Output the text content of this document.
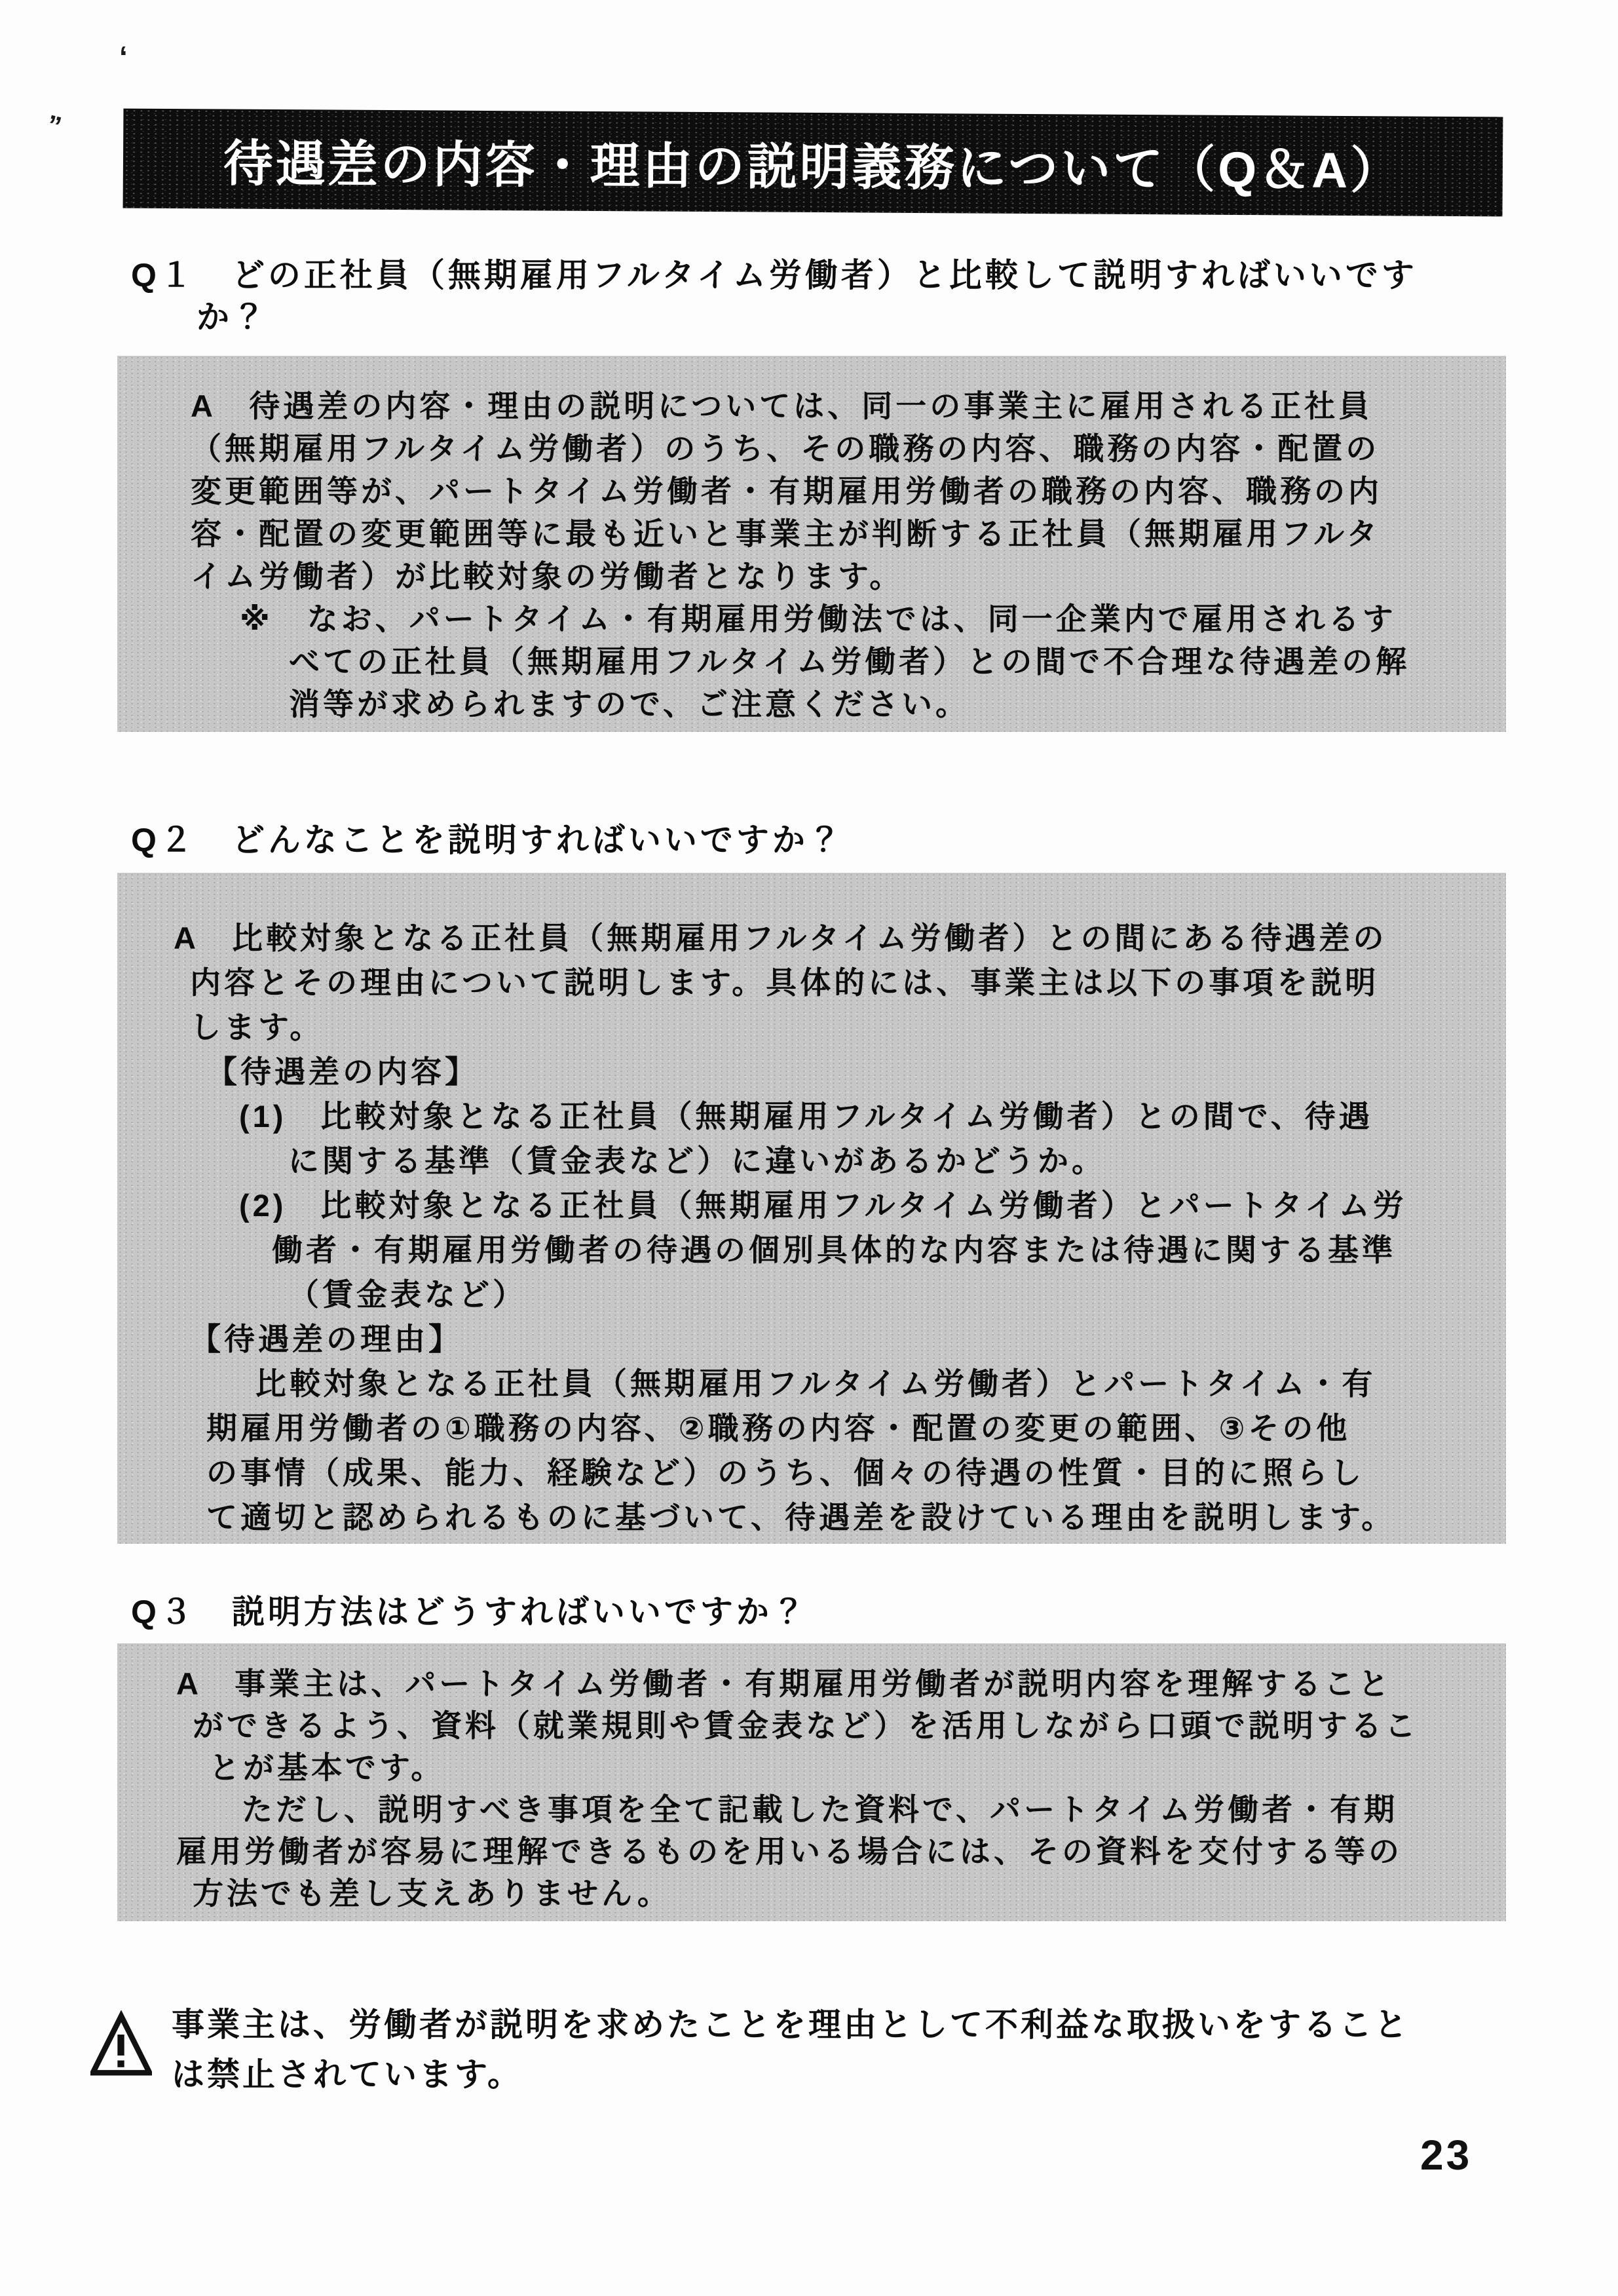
‘
”
待遇差の内容・理由の説明義務について（Q＆A）
Q１　どの正社員（無期雇用フルタイム労働者）と比較して説明すればいいです
か？
A　待遇差の内容・理由の説明については、同一の事業主に雇用される正社員
（無期雇用フルタイム労働者）のうち、その職務の内容、職務の内容・配置の
変更範囲等が、パートタイム労働者・有期雇用労働者の職務の内容、職務の内
容・配置の変更範囲等に最も近いと事業主が判断する正社員（無期雇用フルタ
イム労働者）が比較対象の労働者となります。
※　なお、パートタイム・有期雇用労働法では、同一企業内で雇用されるす
べての正社員（無期雇用フルタイム労働者）との間で不合理な待遇差の解
消等が求められますので、ご注意ください。
Q２　どんなことを説明すればいいですか？
A　比較対象となる正社員（無期雇用フルタイム労働者）との間にある待遇差の
内容とその理由について説明します。具体的には、事業主は以下の事項を説明
します。
【待遇差の内容】
(1)　比較対象となる正社員（無期雇用フルタイム労働者）との間で、待遇
に関する基準（賃金表など）に違いがあるかどうか。
(2)　比較対象となる正社員（無期雇用フルタイム労働者）とパートタイム労
働者・有期雇用労働者の待遇の個別具体的な内容または待遇に関する基準
（賃金表など）
【待遇差の理由】
比較対象となる正社員（無期雇用フルタイム労働者）とパートタイム・有
期雇用労働者の①職務の内容、②職務の内容・配置の変更の範囲、③その他
の事情（成果、能力、経験など）のうち、個々の待遇の性質・目的に照らし
て適切と認められるものに基づいて、待遇差を設けている理由を説明します。
Q３　説明方法はどうすればいいですか？
A　事業主は、パートタイム労働者・有期雇用労働者が説明内容を理解すること
ができるよう、資料（就業規則や賃金表など）を活用しながら口頭で説明するこ
とが基本です。
ただし、説明すべき事項を全て記載した資料で、パートタイム労働者・有期
雇用労働者が容易に理解できるものを用いる場合には、その資料を交付する等の
方法でも差し支えありません。
事業主は、労働者が説明を求めたことを理由として不利益な取扱いをすること
は禁止されています。
23
